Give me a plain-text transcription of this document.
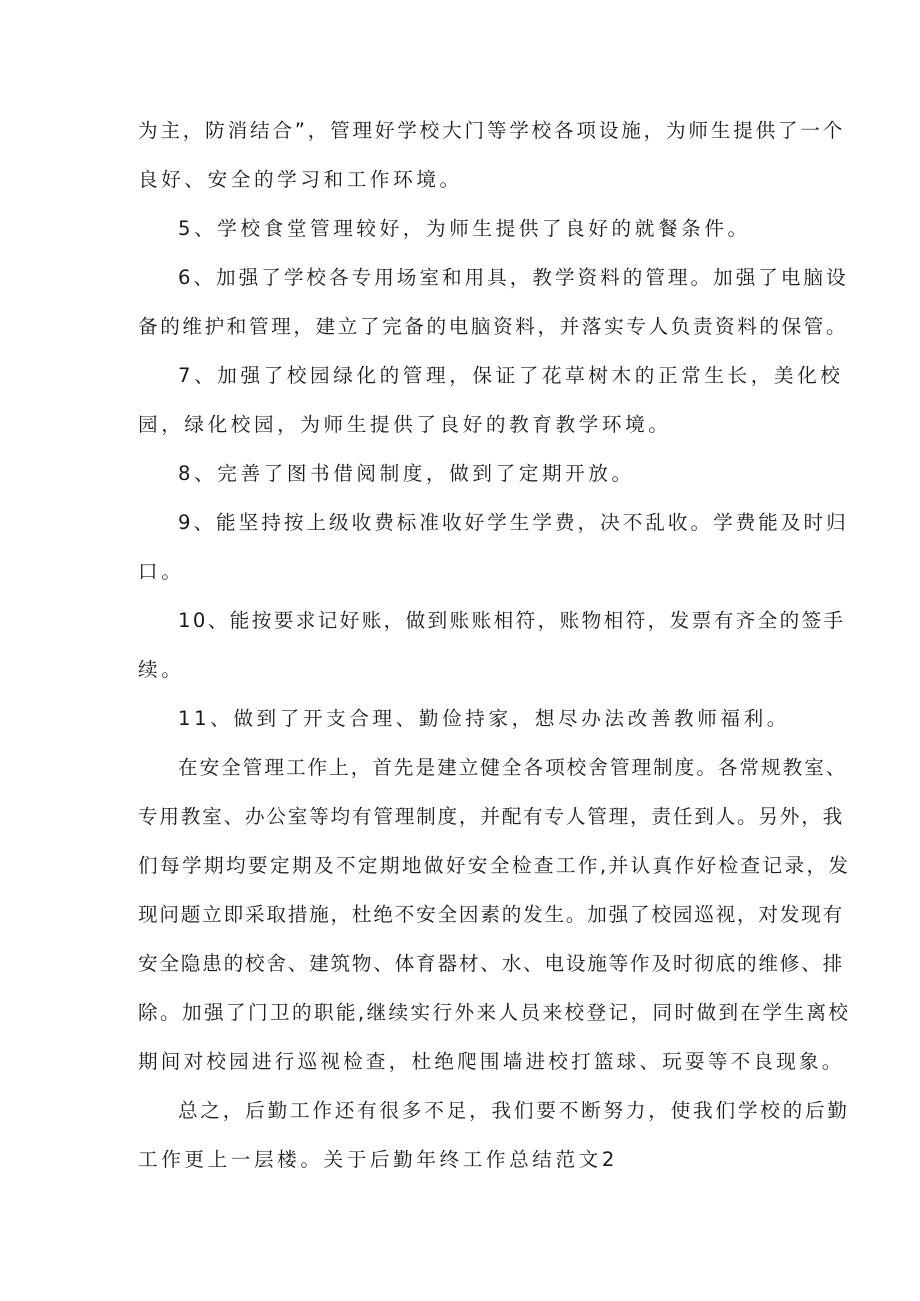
为主，防消结合”，管理好学校大门等学校各项设施，为师生提供了一个
良好、安全的学习和工作环境。
5、学校食堂管理较好，为师生提供了良好的就餐条件。
6、加强了学校各专用场室和用具，教学资料的管理。加强了电脑设
备的维护和管理，建立了完备的电脑资料，并落实专人负责资料的保管。
7、加强了校园绿化的管理，保证了花草树木的正常生长，美化校
园，绿化校园，为师生提供了良好的教育教学环境。
8、完善了图书借阅制度，做到了定期开放。
9、能坚持按上级收费标准收好学生学费，决不乱收。学费能及时归
口。
10、能按要求记好账，做到账账相符，账物相符，发票有齐全的签手
续。
11、做到了开支合理、勤俭持家，想尽办法改善教师福利。
在安全管理工作上，首先是建立健全各项校舍管理制度。各常规教室、
专用教室、办公室等均有管理制度，并配有专人管理，责任到人。另外，我
们每学期均要定期及不定期地做好安全检查工作,并认真作好检查记录，发
现问题立即采取措施，杜绝不安全因素的发生。加强了校园巡视，对发现有
安全隐患的校舍、建筑物、体育器材、水、电设施等作及时彻底的维修、排
除。加强了门卫的职能,继续实行外来人员来校登记，同时做到在学生离校
期间对校园进行巡视检查，杜绝爬围墙进校打篮球、玩耍等不良现象。
总之，后勤工作还有很多不足，我们要不断努力，使我们学校的后勤
工作更上一层楼。关于后勤年终工作总结范文2
